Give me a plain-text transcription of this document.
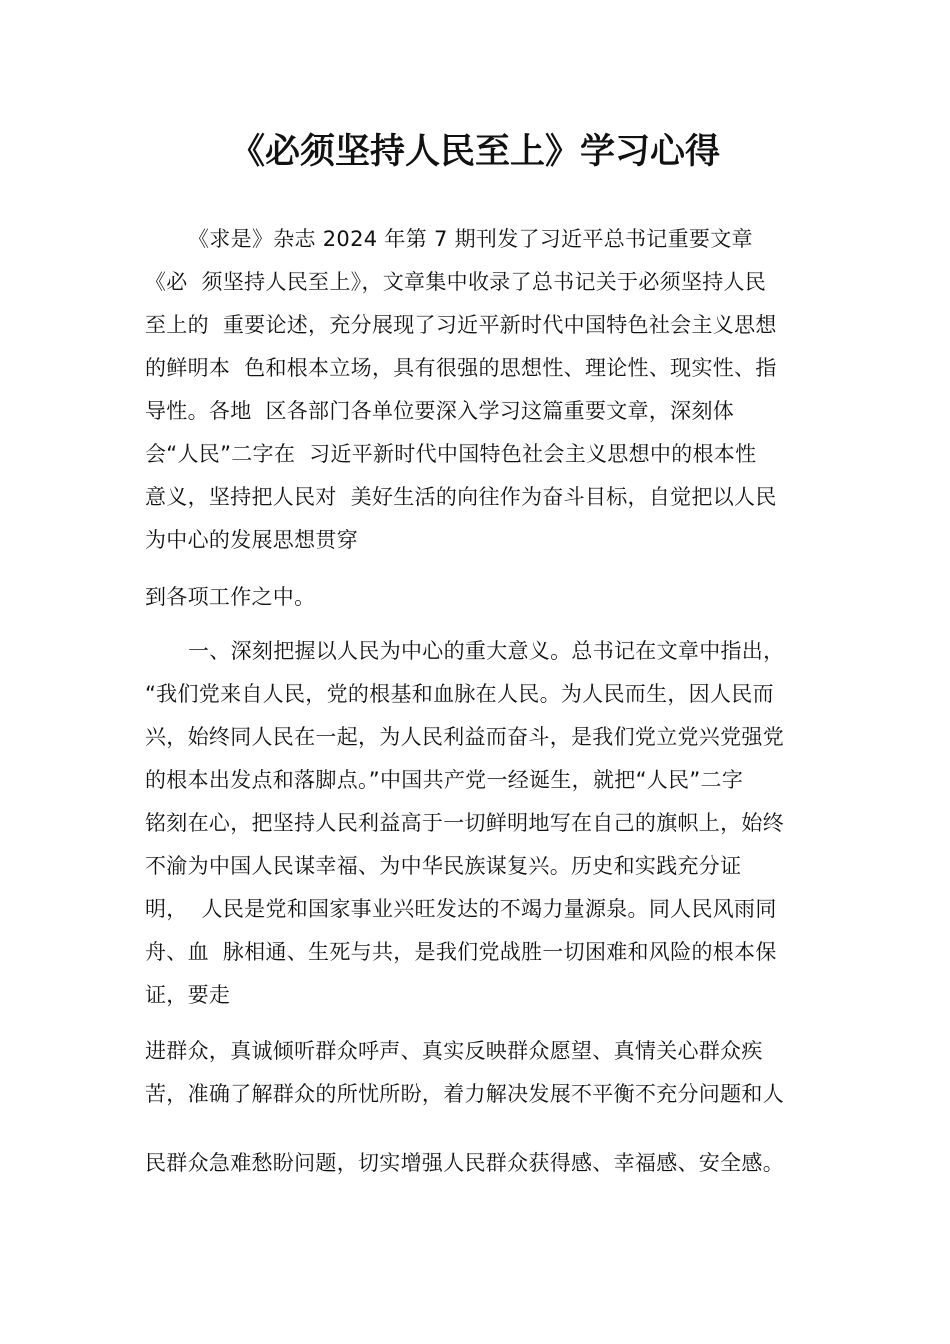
《必须坚持人民至上》学习心得
《求是》杂志 2024 年第 7 期刊发了习近平总书记重要文章
《必  须坚持人民至上》，文章集中收录了总书记关于必须坚持人民
至上的  重要论述，充分展现了习近平新时代中国特色社会主义思想
的鲜明本  色和根本立场，具有很强的思想性、理论性、现实性、指
导性。各地  区各部门各单位要深入学习这篇重要文章，深刻体
会“人民”二字在  习近平新时代中国特色社会主义思想中的根本性
意义，坚持把人民对  美好生活的向往作为奋斗目标，自觉把以人民
为中心的发展思想贯穿
到各项工作之中。
一、深刻把握以人民为中心的重大意义。总书记在文章中指出，
“我们党来自人民，党的根基和血脉在人民。为人民而生，因人民而
兴，始终同人民在一起，为人民利益而奋斗，是我们党立党兴党强党
的根本出发点和落脚点。”中国共产党一经诞生，就把“人民”二字
铭刻在心，把坚持人民利益高于一切鲜明地写在自己的旗帜上，始终
不渝为中国人民谋幸福、为中华民族谋复兴。历史和实践充分证
明，  人民是党和国家事业兴旺发达的不竭力量源泉。同人民风雨同
舟、血  脉相通、生死与共，是我们党战胜一切困难和风险的根本保
证，要走
进群众，真诚倾听群众呼声、真实反映群众愿望、真情关心群众疾
苦，准确了解群众的所忧所盼，着力解决发展不平衡不充分问题和人
民群众急难愁盼问题，切实增强人民群众获得感、幸福感、安全感。
